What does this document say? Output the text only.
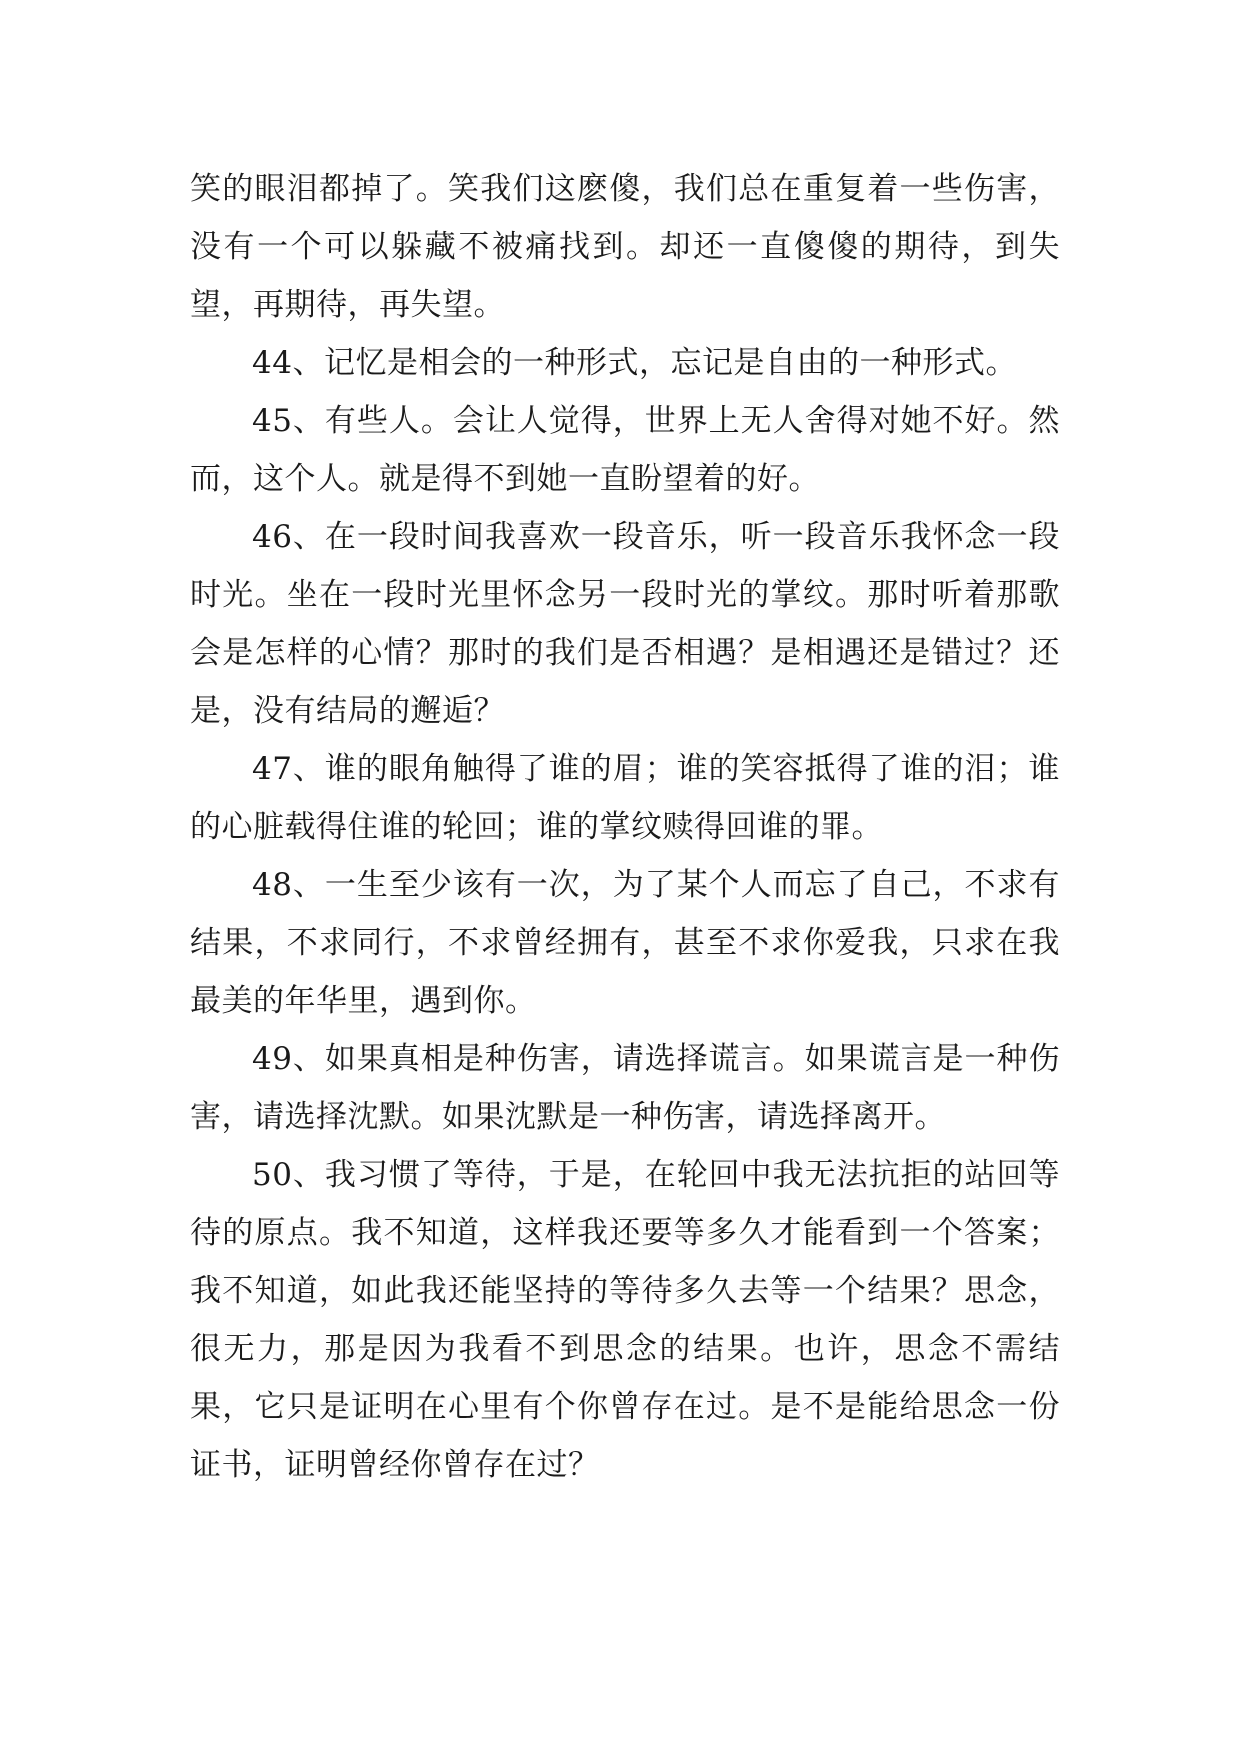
笑的眼泪都掉了。笑我们这麽傻，我们总在重复着一些伤害，没有一个可以躲藏不被痛找到。却还一直傻傻的期待，到失望，再期待，再失望。

44、记忆是相会的一种形式，忘记是自由的一种形式。

45、有些人。会让人觉得，世界上无人舍得对她不好。然而，这个人。就是得不到她一直盼望着的好。

46、在一段时间我喜欢一段音乐，听一段音乐我怀念一段时光。坐在一段时光里怀念另一段时光的掌纹。那时听着那歌会是怎样的心情？那时的我们是否相遇？是相遇还是错过？还是，没有结局的邂逅？

47、谁的眼角触得了谁的眉；谁的笑容抵得了谁的泪；谁的心脏载得住谁的轮回；谁的掌纹赎得回谁的罪。

48、一生至少该有一次，为了某个人而忘了自己，不求有结果，不求同行，不求曾经拥有，甚至不求你爱我，只求在我最美的年华里，遇到你。

49、如果真相是种伤害，请选择谎言。如果谎言是一种伤害，请选择沈默。如果沈默是一种伤害，请选择离开。

50、我习惯了等待，于是，在轮回中我无法抗拒的站回等待的原点。我不知道，这样我还要等多久才能看到一个答案；我不知道，如此我还能坚持的等待多久去等一个结果？思念，很无力，那是因为我看不到思念的结果。也许，思念不需结果，它只是证明在心里有个你曾存在过。是不是能给思念一份证书，证明曾经你曾存在过？
